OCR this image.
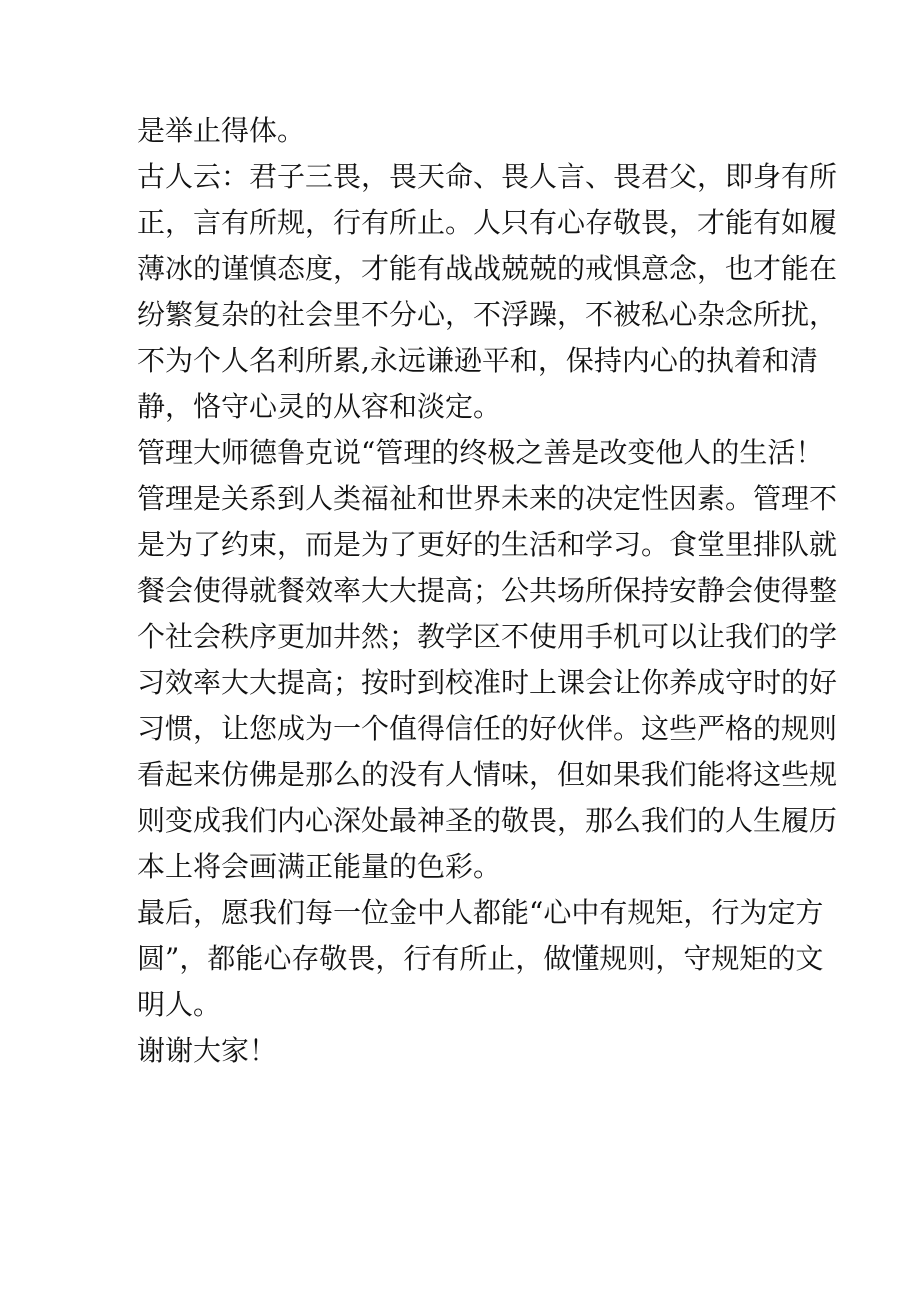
是举止得体。
古人云：君子三畏，畏天命、畏人言、畏君父，即身有所
正，言有所规，行有所止。人只有心存敬畏，才能有如履
薄冰的谨慎态度，才能有战战兢兢的戒惧意念，也才能在
纷繁复杂的社会里不分心，不浮躁，不被私心杂念所扰，
不为个人名利所累,永远谦逊平和，保持内心的执着和清
静，恪守心灵的从容和淡定。
管理大师德鲁克说“管理的终极之善是改变他人的生活！
管理是关系到人类福祉和世界未来的决定性因素。管理不
是为了约束，而是为了更好的生活和学习。食堂里排队就
餐会使得就餐效率大大提高；公共场所保持安静会使得整
个社会秩序更加井然；教学区不使用手机可以让我们的学
习效率大大提高；按时到校准时上课会让你养成守时的好
习惯，让您成为一个值得信任的好伙伴。这些严格的规则
看起来仿佛是那么的没有人情味，但如果我们能将这些规
则变成我们内心深处最神圣的敬畏，那么我们的人生履历
本上将会画满正能量的色彩。
最后，愿我们每一位金中人都能“心中有规矩，行为定方
圆”，都能心存敬畏，行有所止，做懂规则，守规矩的文
明人。
谢谢大家！
